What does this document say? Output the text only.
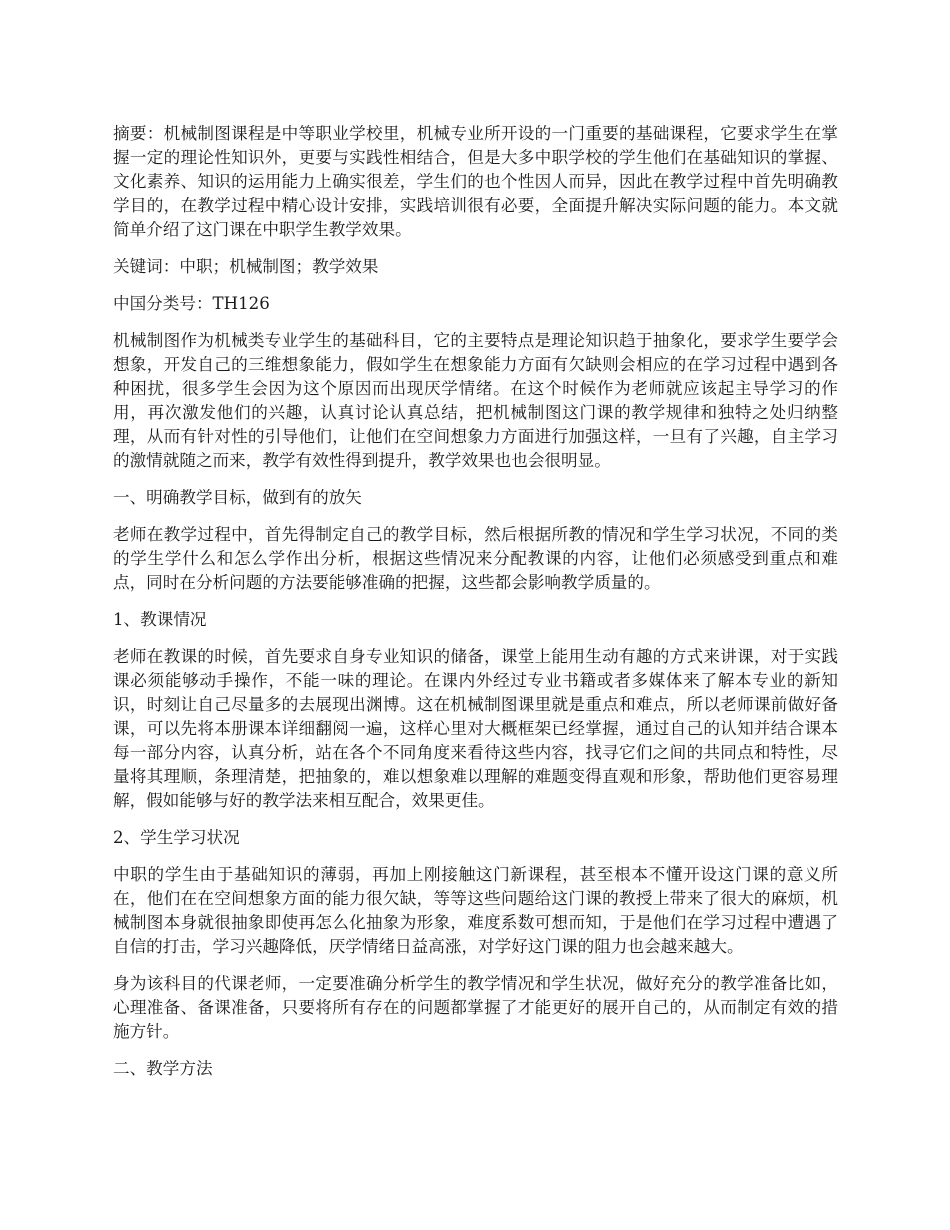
摘要：机械制图课程是中等职业学校里，机械专业所开设的一门重要的基础课程，它要求学生在掌握一定的理论性知识外，更要与实践性相结合，但是大多中职学校的学生他们在基础知识的掌握、文化素养、知识的运用能力上确实很差，学生们的也个性因人而异，因此在教学过程中首先明确教学目的，在教学过程中精心设计安排，实践培训很有必要，全面提升解决实际问题的能力。本文就简单介绍了这门课在中职学生教学效果。

关键词：中职；机械制图；教学效果

中国分类号：TH126

机械制图作为机械类专业学生的基础科目，它的主要特点是理论知识趋于抽象化，要求学生要学会想象，开发自己的三维想象能力，假如学生在想象能力方面有欠缺则会相应的在学习过程中遇到各种困扰，很多学生会因为这个原因而出现厌学情绪。在这个时候作为老师就应该起主导学习的作用，再次激发他们的兴趣，认真讨论认真总结，把机械制图这门课的教学规律和独特之处归纳整理，从而有针对性的引导他们，让他们在空间想象力方面进行加强这样，一旦有了兴趣，自主学习的激情就随之而来，教学有效性得到提升，教学效果也也会很明显。

一、明确教学目标，做到有的放矢

老师在教学过程中，首先得制定自己的教学目标，然后根据所教的情况和学生学习状况，不同的类的学生学什么和怎么学作出分析，根据这些情况来分配教课的内容，让他们必须感受到重点和难点，同时在分析问题的方法要能够准确的把握，这些都会影响教学质量的。

1、教课情况

老师在教课的时候，首先要求自身专业知识的储备，课堂上能用生动有趣的方式来讲课，对于实践课必须能够动手操作，不能一味的理论。在课内外经过专业书籍或者多媒体来了解本专业的新知识，时刻让自己尽量多的去展现出渊博。这在机械制图课里就是重点和难点，所以老师课前做好备课，可以先将本册课本详细翻阅一遍，这样心里对大概框架已经掌握，通过自己的认知并结合课本每一部分内容，认真分析，站在各个不同角度来看待这些内容，找寻它们之间的共同点和特性，尽量将其理顺，条理清楚，把抽象的，难以想象难以理解的难题变得直观和形象，帮助他们更容易理解，假如能够与好的教学法来相互配合，效果更佳。

2、学生学习状况

中职的学生由于基础知识的薄弱，再加上刚接触这门新课程，甚至根本不懂开设这门课的意义所在，他们在在空间想象方面的能力很欠缺，等等这些问题给这门课的教授上带来了很大的麻烦，机械制图本身就很抽象即使再怎么化抽象为形象，难度系数可想而知，于是他们在学习过程中遭遇了自信的打击，学习兴趣降低，厌学情绪日益高涨，对学好这门课的阻力也会越来越大。

身为该科目的代课老师，一定要准确分析学生的教学情况和学生状况，做好充分的教学准备比如，心理准备、备课准备，只要将所有存在的问题都掌握了才能更好的展开自己的，从而制定有效的措施方针。

二、教学方法
